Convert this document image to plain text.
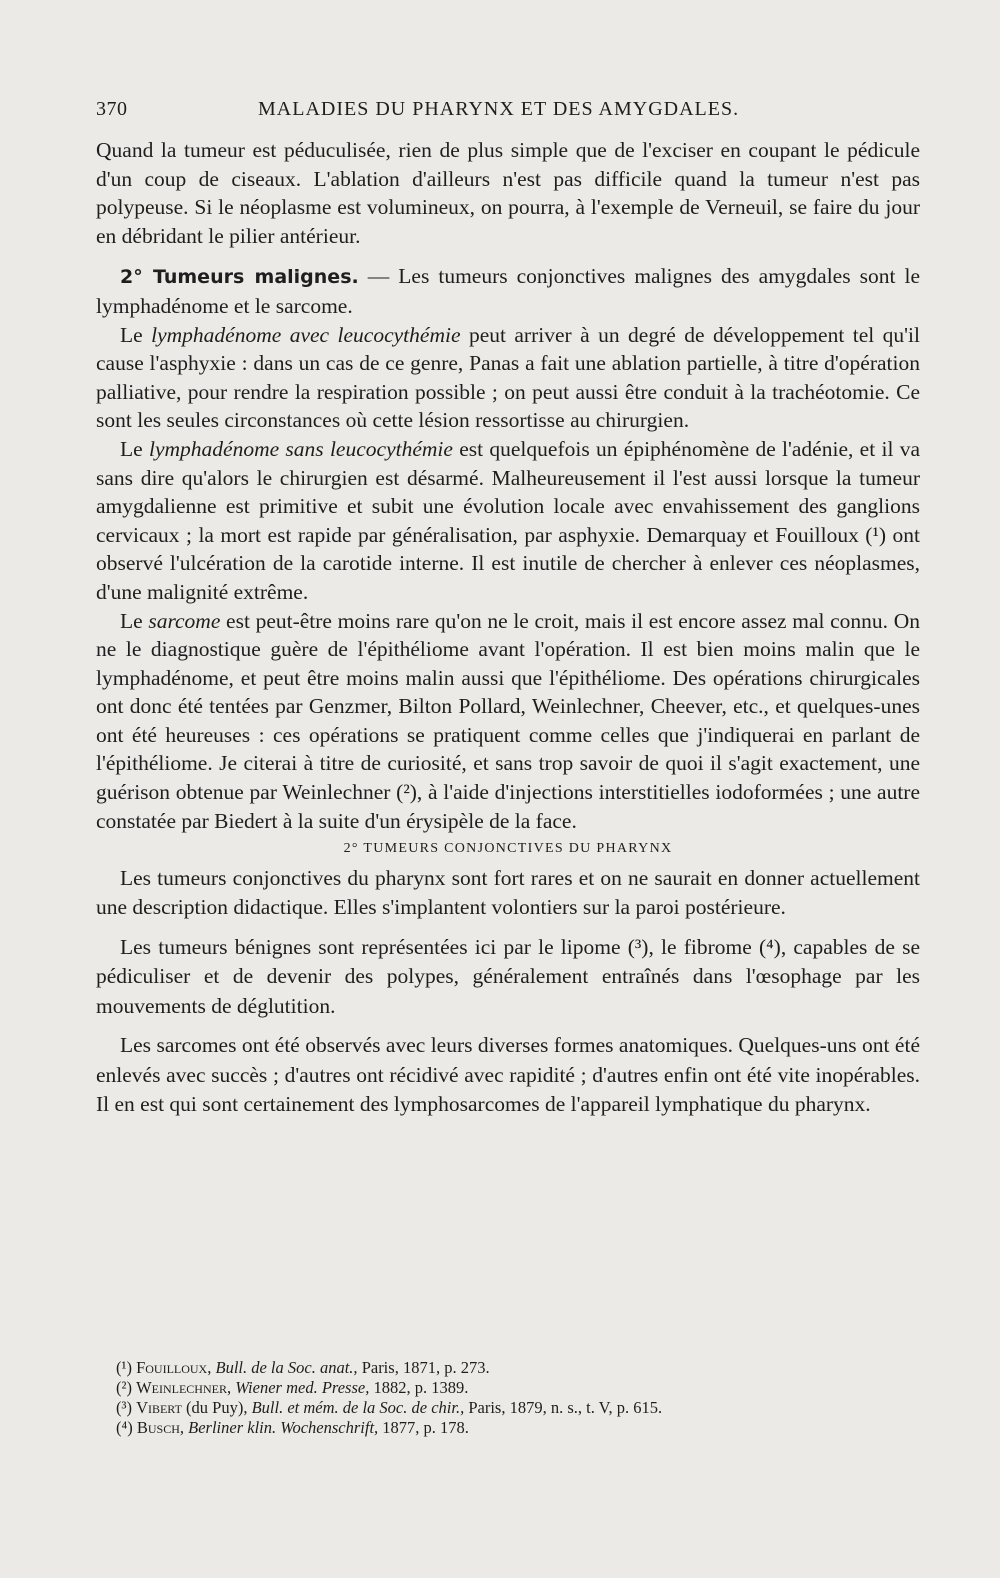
370	MALADIES DU PHARYNX ET DES AMYGDALES.

Quand la tumeur est péduculisée, rien de plus simple que de l'exciser en coupant le pédicule d'un coup de ciseaux. L'ablation d'ailleurs n'est pas difficile quand la tumeur n'est pas polypeuse. Si le néoplasme est volumineux, on pourra, à l'exemple de Verneuil, se faire du jour en débridant le pilier antérieur.

2° Tumeurs malignes. — Les tumeurs conjonctives malignes des amygdales sont le lymphadénome et le sarcome.

Le lymphadénome avec leucocythémie peut arriver à un degré de développement tel qu'il cause l'asphyxie : dans un cas de ce genre, Panas a fait une ablation partielle, à titre d'opération palliative, pour rendre la respiration possible ; on peut aussi être conduit à la trachéotomie. Ce sont les seules circonstances où cette lésion ressortisse au chirurgien.

Le lymphadénome sans leucocythémie est quelquefois un épiphénomène de l'adénie, et il va sans dire qu'alors le chirurgien est désarmé. Malheureusement il l'est aussi lorsque la tumeur amygdalienne est primitive et subit une évolution locale avec envahissement des ganglions cervicaux ; la mort est rapide par généralisation, par asphyxie. Demarquay et Fouilloux (¹) ont observé l'ulcération de la carotide interne. Il est inutile de chercher à enlever ces néoplasmes, d'une malignité extrême.

Le sarcome est peut-être moins rare qu'on ne le croit, mais il est encore assez mal connu. On ne le diagnostique guère de l'épithéliome avant l'opération. Il est bien moins malin que le lymphadénome, et peut être moins malin aussi que l'épithéliome. Des opérations chirurgicales ont donc été tentées par Genzmer, Bilton Pollard, Weinlechner, Cheever, etc., et quelques-unes ont été heureuses : ces opérations se pratiquent comme celles que j'indiquerai en parlant de l'épithéliome. Je citerai à titre de curiosité, et sans trop savoir de quoi il s'agit exactement, une guérison obtenue par Weinlechner (²), à l'aide d'injections interstitielles iodoformées ; une autre constatée par Biedert à la suite d'un érysipèle de la face.

2° TUMEURS CONJONCTIVES DU PHARYNX

Les tumeurs conjonctives du pharynx sont fort rares et on ne saurait en donner actuellement une description didactique. Elles s'implantent volontiers sur la paroi postérieure.

Les tumeurs bénignes sont représentées ici par le lipome (³), le fibrome (⁴), capables de se pédiculiser et de devenir des polypes, généralement entraînés dans l'œsophage par les mouvements de déglutition.

Les sarcomes ont été observés avec leurs diverses formes anatomiques. Quelques-uns ont été enlevés avec succès ; d'autres ont récidivé avec rapidité ; d'autres enfin ont été vite inopérables. Il en est qui sont certainement des lymphosarcomes de l'appareil lymphatique du pharynx.

(¹) Fouilloux, Bull. de la Soc. anat., Paris, 1871, p. 273.

(²) Weinlechner, Wiener med. Presse, 1882, p. 1389.

(³) Vibert (du Puy), Bull. et mém. de la Soc. de chir., Paris, 1879, n. s., t. V, p. 615.

(⁴) Busch, Berliner klin. Wochenschrift, 1877, p. 178.
